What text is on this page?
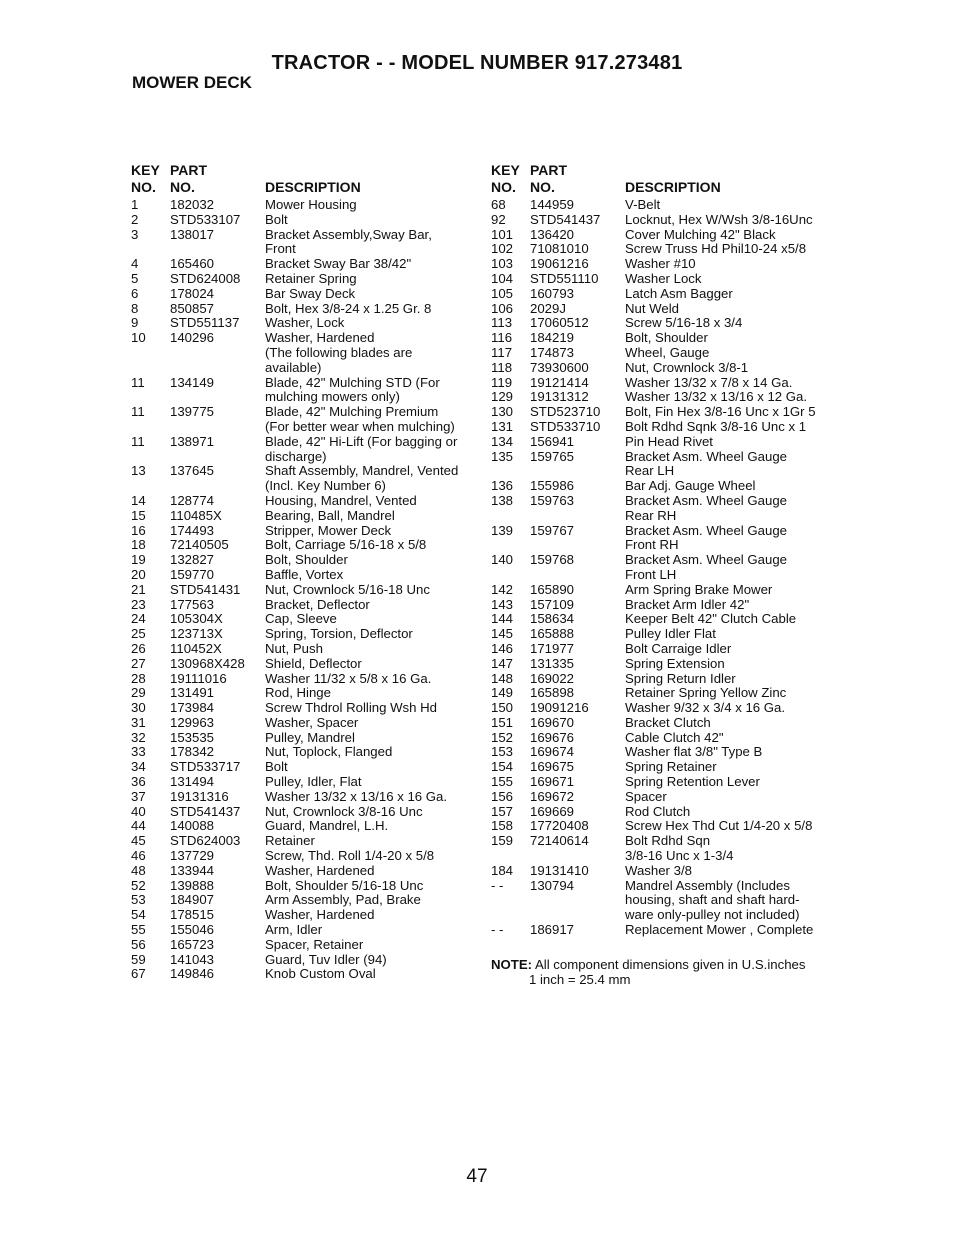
TRACTOR - - MODEL NUMBER 917.273481
MOWER DECK
KEY
NO.
PART
NO.	DESCRIPTION
1	182032	Mower Housing
2	STD533107	Bolt
3	138017	Bracket Assembly,Sway Bar,
Front
4	165460	Bracket Sway Bar 38/42"
5	STD624008	Retainer Spring
6	178024	Bar Sway Deck
8	850857	Bolt, Hex 3/8-24 x 1.25 Gr. 8
9	STD551137	Washer, Lock
10	140296	Washer, Hardened
(The following blades are
available)
11	134149	Blade, 42" Mulching STD (For
mulching mowers only)
11	139775	Blade, 42" Mulching Premium
(For better wear when mulching)
11	138971	Blade, 42" Hi-Lift (For bagging or
discharge)
13	137645	Shaft Assembly, Mandrel, Vented
(Incl. Key Number 6)
14	128774	Housing, Mandrel, Vented
15	110485X	Bearing, Ball, Mandrel
16	174493	Stripper, Mower Deck
18	72140505	Bolt, Carriage 5/16-18 x 5/8
19	132827	Bolt, Shoulder
20	159770	Baffle, Vortex
21	STD541431	Nut, Crownlock 5/16-18 Unc
23	177563	Bracket, Deflector
24	105304X	Cap, Sleeve
25	123713X	Spring, Torsion, Deflector
26	110452X	Nut, Push
27	130968X428	Shield, Deflector
28	19111016	Washer 11/32 x 5/8 x 16 Ga.
29	131491	Rod, Hinge
30	173984	Screw Thdrol Rolling Wsh Hd
31	129963	Washer, Spacer
32	153535	Pulley, Mandrel
33	178342	Nut, Toplock, Flanged
34	STD533717	Bolt
36	131494	Pulley, Idler, Flat
37	19131316	Washer 13/32 x 13/16 x 16 Ga.
40	STD541437	Nut, Crownlock 3/8-16 Unc
44	140088	Guard, Mandrel, L.H.
45	STD624003	Retainer
46	137729	Screw, Thd. Roll 1/4-20 x 5/8
48	133944	Washer, Hardened
52	139888	Bolt, Shoulder 5/16-18 Unc
53	184907	Arm Assembly, Pad, Brake
54	178515	Washer, Hardened
55	155046	Arm, Idler
56	165723	Spacer, Retainer
59	141043	Guard, Tuv Idler (94)
67	149846	Knob Custom Oval
KEY
NO.
PART
NO.	DESCRIPTION
68	144959	V-Belt
92	STD541437	Locknut, Hex W/Wsh 3/8-16Unc
101	136420	Cover Mulching 42" Black
102	71081010	Screw Truss Hd Phil10-24 x5/8
103	19061216	Washer #10
104	STD551110	Washer Lock
105	160793	Latch Asm Bagger
106	2029J	Nut Weld
113	17060512	Screw 5/16-18 x 3/4
116	184219	Bolt, Shoulder
117	174873	Wheel, Gauge
118	73930600	Nut, Crownlock 3/8-1
119	19121414	Washer 13/32 x 7/8 x 14 Ga.
129	19131312	Washer 13/32 x 13/16 x 12 Ga.
130	STD523710	Bolt, Fin Hex 3/8-16 Unc x 1Gr 5
131	STD533710	Bolt Rdhd Sqnk 3/8-16 Unc x 1
134	156941	Pin Head Rivet
135	159765	Bracket Asm. Wheel Gauge
Rear LH
136	155986	Bar Adj. Gauge Wheel
138	159763	Bracket Asm. Wheel Gauge
Rear RH
139	159767	Bracket Asm. Wheel Gauge
Front RH
140	159768	Bracket Asm. Wheel Gauge
Front LH
142	165890	Arm Spring Brake Mower
143	157109	Bracket Arm Idler 42"
144	158634	Keeper Belt 42" Clutch Cable
145	165888	Pulley Idler Flat
146	171977	Bolt Carraige Idler
147	131335	Spring Extension
148	169022	Spring Return Idler
149	165898	Retainer Spring Yellow Zinc
150	19091216	Washer 9/32 x 3/4 x 16 Ga.
151	169670	Bracket Clutch
152	169676	Cable Clutch 42"
153	169674	Washer flat 3/8" Type B
154	169675	Spring Retainer
155	169671	Spring Retention Lever
156	169672	Spacer
157	169669	Rod Clutch
158	17720408	Screw Hex Thd Cut 1/4-20 x 5/8
159	72140614	Bolt Rdhd Sqn
3/8-16 Unc x 1-3/4
184	19131410	Washer 3/8
- -	130794	Mandrel Assembly (Includes
housing, shaft and shaft hard-
ware only-pulley not included)
- -	186917	Replacement Mower , Complete
NOTE: All component dimensions given in U.S.inches
1 inch = 25.4 mm
47
